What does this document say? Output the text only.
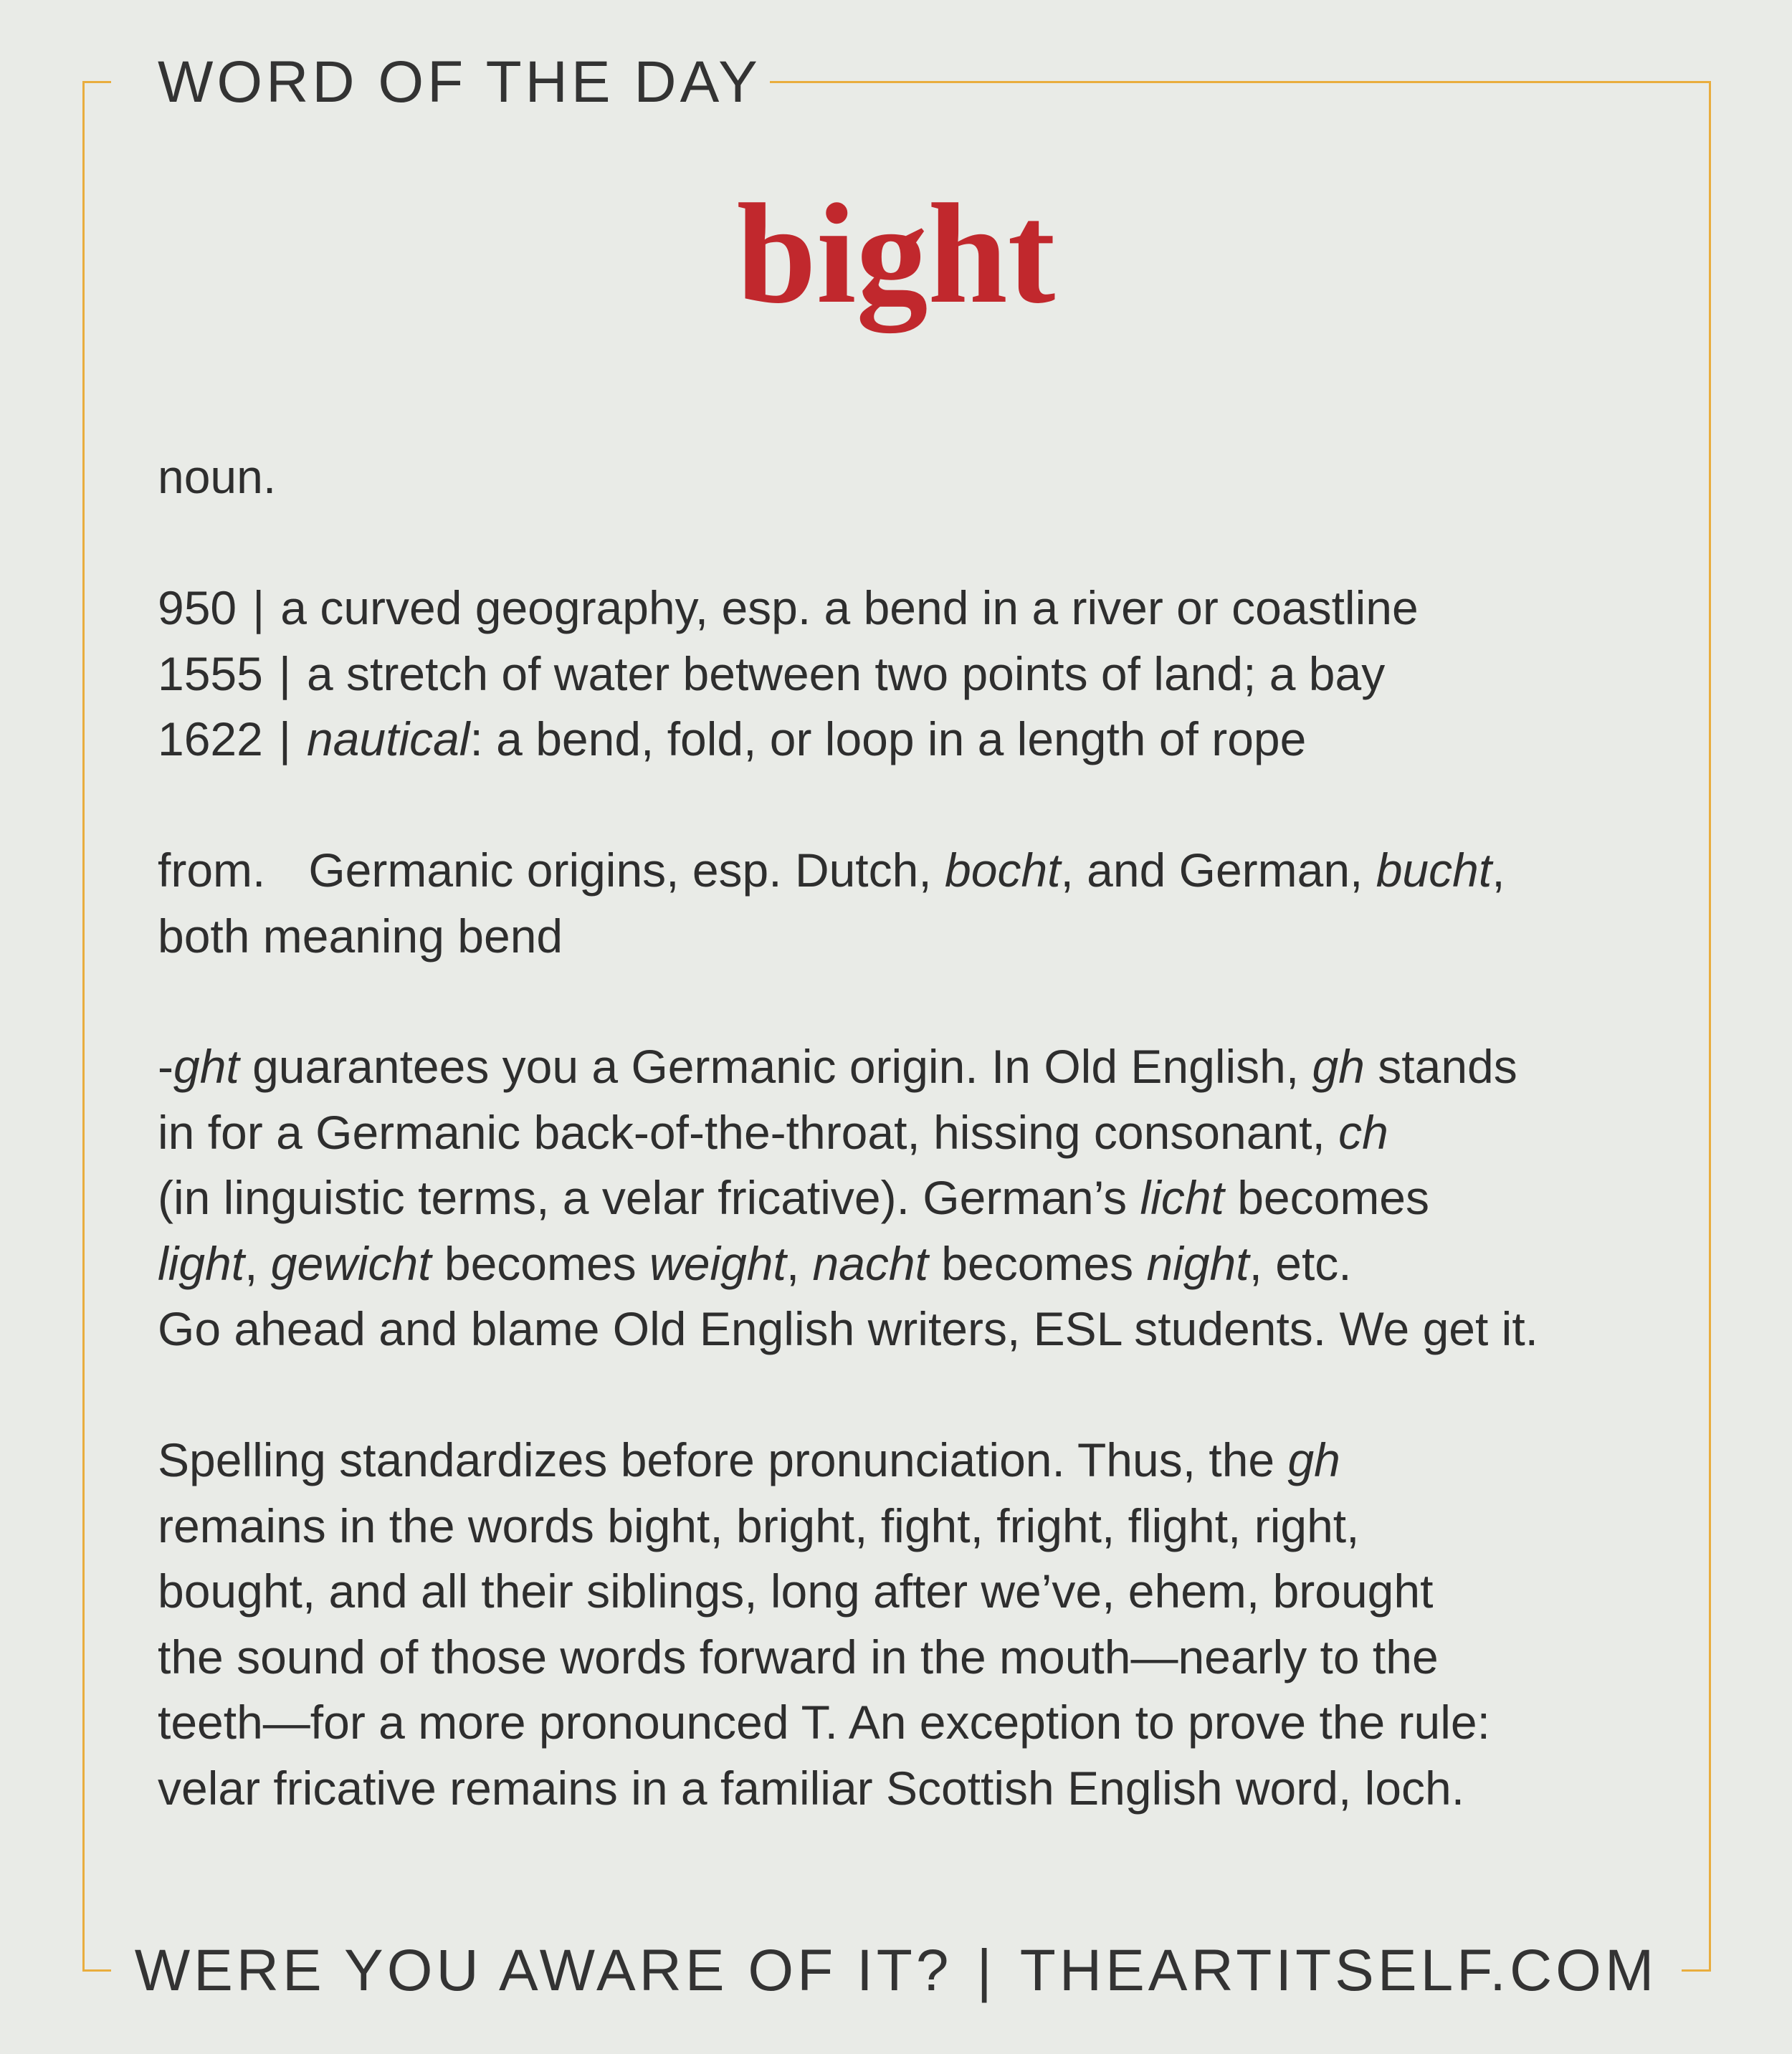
WORD OF THE DAY
bight
noun.
950 | a curved geography, esp. a bend in a river or coastline
1555 | a stretch of water between two points of land; a bay
1622 | nautical: a bend, fold, or loop in a length of rope
from. Germanic origins, esp. Dutch, bocht, and German, bucht,
both meaning bend
-ght guarantees you a Germanic origin. In Old English, gh stands
in for a Germanic back-of-the-throat, hissing consonant, ch
(in linguistic terms, a velar fricative). German’s licht becomes
light, gewicht becomes weight, nacht becomes night, etc.
Go ahead and blame Old English writers, ESL students. We get it.
Spelling standardizes before pronunciation. Thus, the gh
remains in the words bight, bright, fight, fright, flight, right,
bought, and all their siblings, long after we’ve, ehem, brought
the sound of those words forward in the mouth—nearly to the
teeth—for a more pronounced T. An exception to prove the rule:
velar fricative remains in a familiar Scottish English word, loch.
WERE YOU AWARE OF IT? | THEARTITSELF.COM
